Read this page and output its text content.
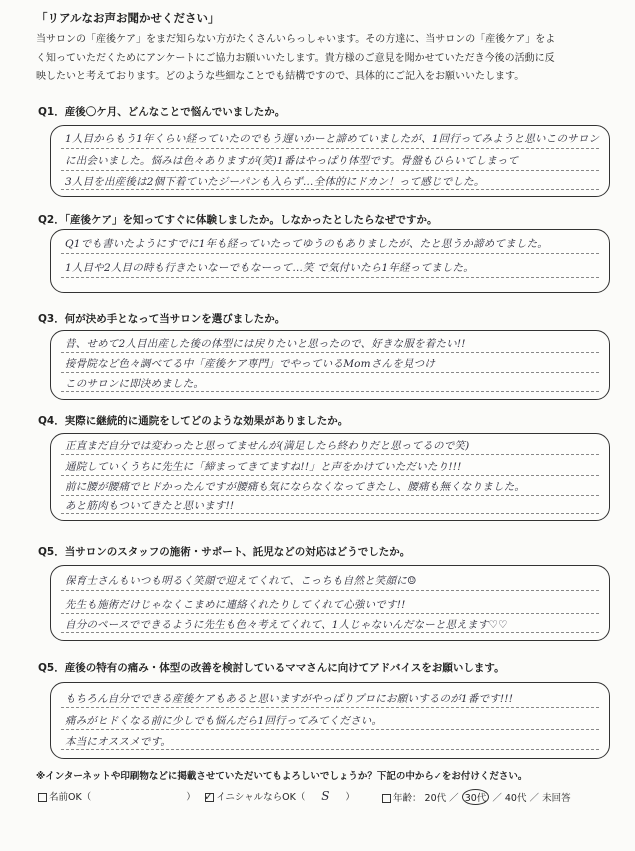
「リアルなお声お聞かせください」
当サロンの「産後ケア」をまだ知らない方がたくさんいらっしゃいます。その方達に、当サロンの「産後ケア」をよ
く知っていただくためにアンケートにご協力お願いいたします。貴方様のご意見を聞かせていただき今後の活動に反
映したいと考えております。どのような些細なことでも結構ですので、具体的にご記入をお願いいたします。
Q1．産後〇ケ月、どんなことで悩んでいましたか。
1人目からもう1年くらい経っていたのでもう遅いかーと諦めていましたが、1回行ってみようと思いこのサロン
に出会いました。悩みは色々ありますが(笑)1番はやっぱり体型です。骨盤もひらいてしまって
3人目を出産後は2個下着ていたジーパンも入らず…全体的にドカン！って感じでした。
Q2．「産後ケア」を知ってすぐに体験しましたか。しなかったとしたらなぜですか。
Q1でも書いたようにすでに1年も経っていたってゆうのもありましたが、たと思うか諦めてました。
1人目や2人目の時も行きたいなーでもなーって…笑 で気付いたら1年経ってました。
Q3．何が決め手となって当サロンを選びましたか。
昔、せめて2人目出産した後の体型には戻りたいと思ったので、好きな服を着たい!!
接骨院など色々調べてる中「産後ケア専門」でやっているMomさんを見つけ
このサロンに即決めました。
Q4．実際に継続的に通院をしてどのような効果がありましたか。
正直まだ自分では変わったと思ってませんが(満足したら終わりだと思ってるので笑)
通院していくうちに先生に「締まってきてますね!!」と声をかけていただいたり!!!
前に腰が腰痛でヒドかったんですが腰痛も気にならなくなってきたし、腰痛も無くなりました。
あと筋肉もついてきたと思います!!
Q5．当サロンのスタッフの施術・サポート、託児などの対応はどうでしたか。
保育士さんもいつも明るく笑顔で迎えてくれて、こっちも自然と笑顔に☺
先生も施術だけじゃなくこまめに連絡くれたりしてくれて心強いです!!
自分のペースでできるように先生も色々考えてくれて、1人じゃないんだなーと思えます♡♡
Q5．産後の特有の痛み・体型の改善を検討しているママさんに向けてアドバイスをお願いします。
もちろん自分でできる産後ケアもあると思いますがやっぱりプロにお願いするのが1番です!!!
痛みがヒドくなる前に少しでも悩んだら1回行ってみてください。
本当にオススメです。
※インターネットや印刷物などに掲載させていただいてもよろしいでしょうか？下記の中から✓をお付けください。
名前OK（	） ✓ イニシャルならOK（ S ）	年齢： 20代 ／ 30代 ／ 40代 ／ 未回答
